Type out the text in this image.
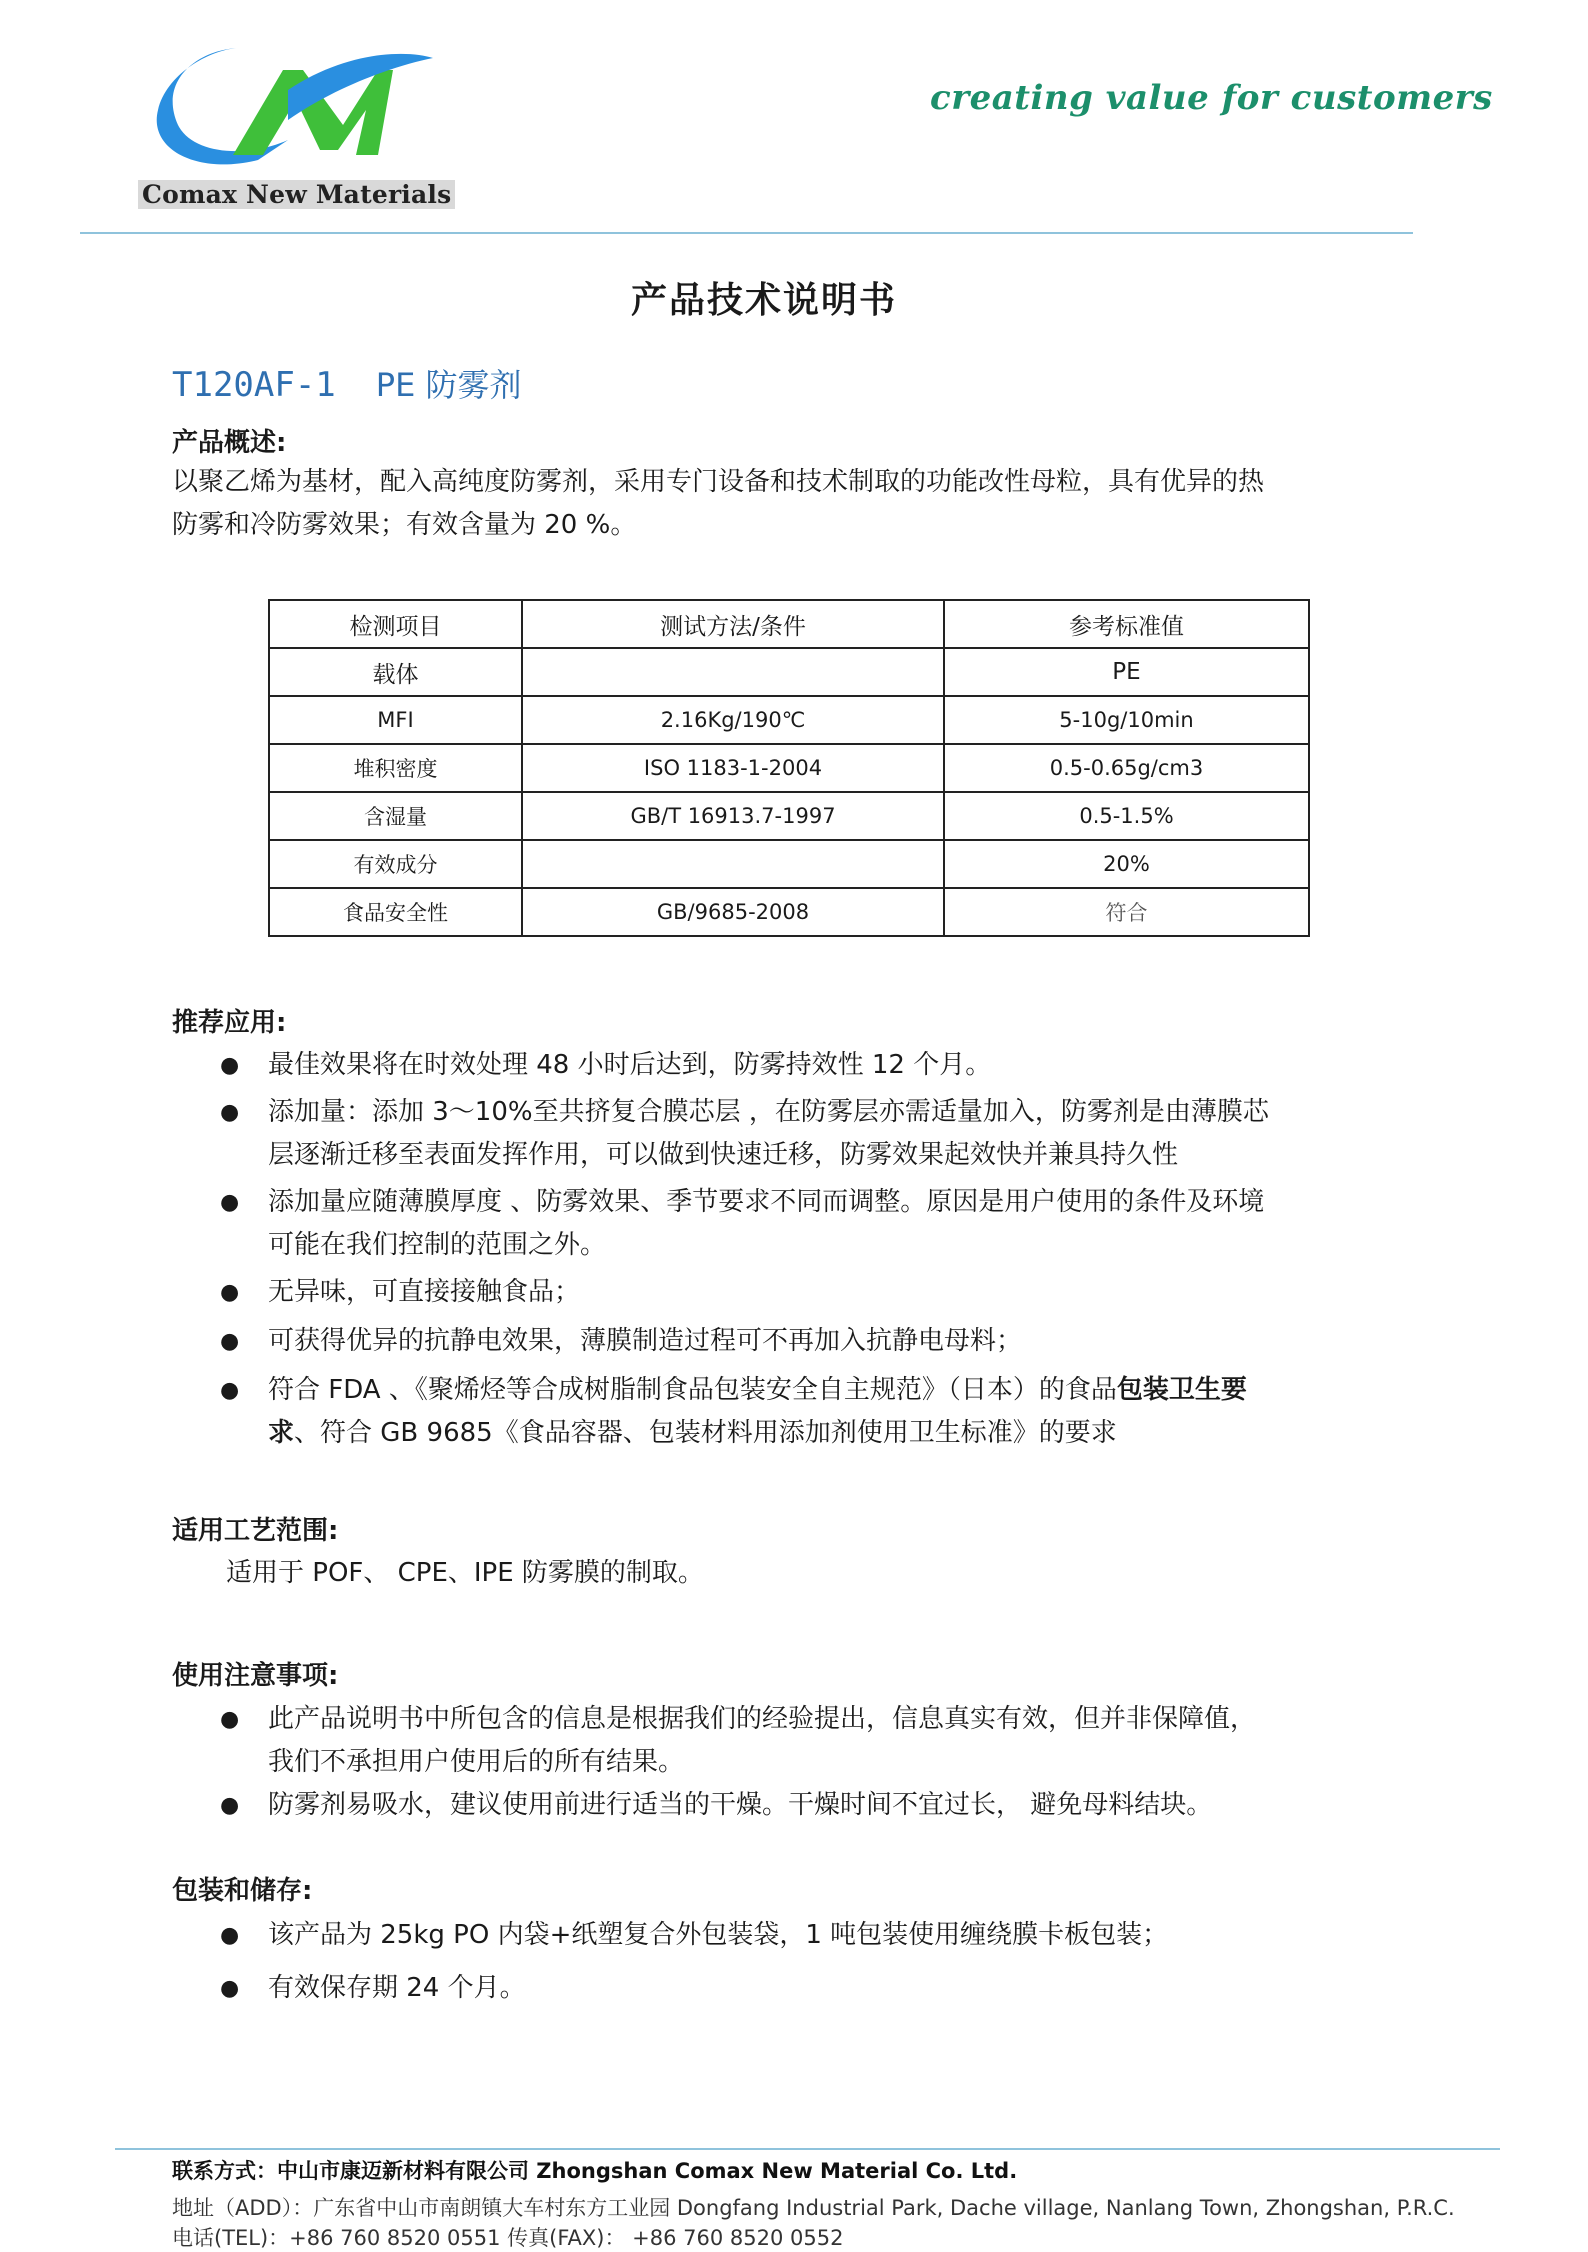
Comax New Materials
creating value for customers
产品技术说明书
T120AF-1 PE 防雾剂
产品概述:
以聚乙烯为基材，配入高纯度防雾剂，采用专门设备和技术制取的功能改性母粒，具有优异的热
防雾和冷防雾效果；有效含量为 20 %。
检测项目	测试方法/条件	参考标准值
载体		PE
MFI	2.16Kg/190℃	5-10g/10min
堆积密度	ISO 1183-1-2004	0.5-0.65g/cm3
含湿量	GB/T 16913.7-1997	0.5-1.5%
有效成分		20%
食品安全性	GB/9685-2008	符合
推荐应用:
● 最佳效果将在时效处理 48 小时后达到，防雾持效性 12 个月。
● 添加量：添加 3～10%至共挤复合膜芯层 ，在防雾层亦需适量加入，防雾剂是由薄膜芯
层逐渐迁移至表面发挥作用，可以做到快速迁移，防雾效果起效快并兼具持久性
● 添加量应随薄膜厚度 、防雾效果、季节要求不同而调整。原因是用户使用的条件及环境
可能在我们控制的范围之外。
● 无异味，可直接接触食品；
● 可获得优异的抗静电效果，薄膜制造过程可不再加入抗静电母料；
● 符合 FDA 、《聚烯烃等合成树脂制食品包装安全自主规范》（日本）的食品包装卫生要
求、符合 GB 9685《食品容器、包装材料用添加剂使用卫生标准》的要求
适用工艺范围:
适用于 POF、 CPE、IPE 防雾膜的制取。
使用注意事项:
● 此产品说明书中所包含的信息是根据我们的经验提出，信息真实有效，但并非保障值，
我们不承担用户使用后的所有结果。
● 防雾剂易吸水，建议使用前进行适当的干燥。干燥时间不宜过长， 避免母料结块。
包装和储存:
● 该产品为 25kg PO 内袋+纸塑复合外包装袋，1 吨包装使用缠绕膜卡板包装；
● 有效保存期 24 个月。
联系方式：中山市康迈新材料有限公司 Zhongshan Comax New Material Co. Ltd.
地址（ADD）：广东省中山市南朗镇大车村东方工业园 Dongfang Industrial Park, Dache village, Nanlang Town, Zhongshan, P.R.C.
电话(TEL)：+86 760 8520 0551 传真(FAX)： +86 760 8520 0552
